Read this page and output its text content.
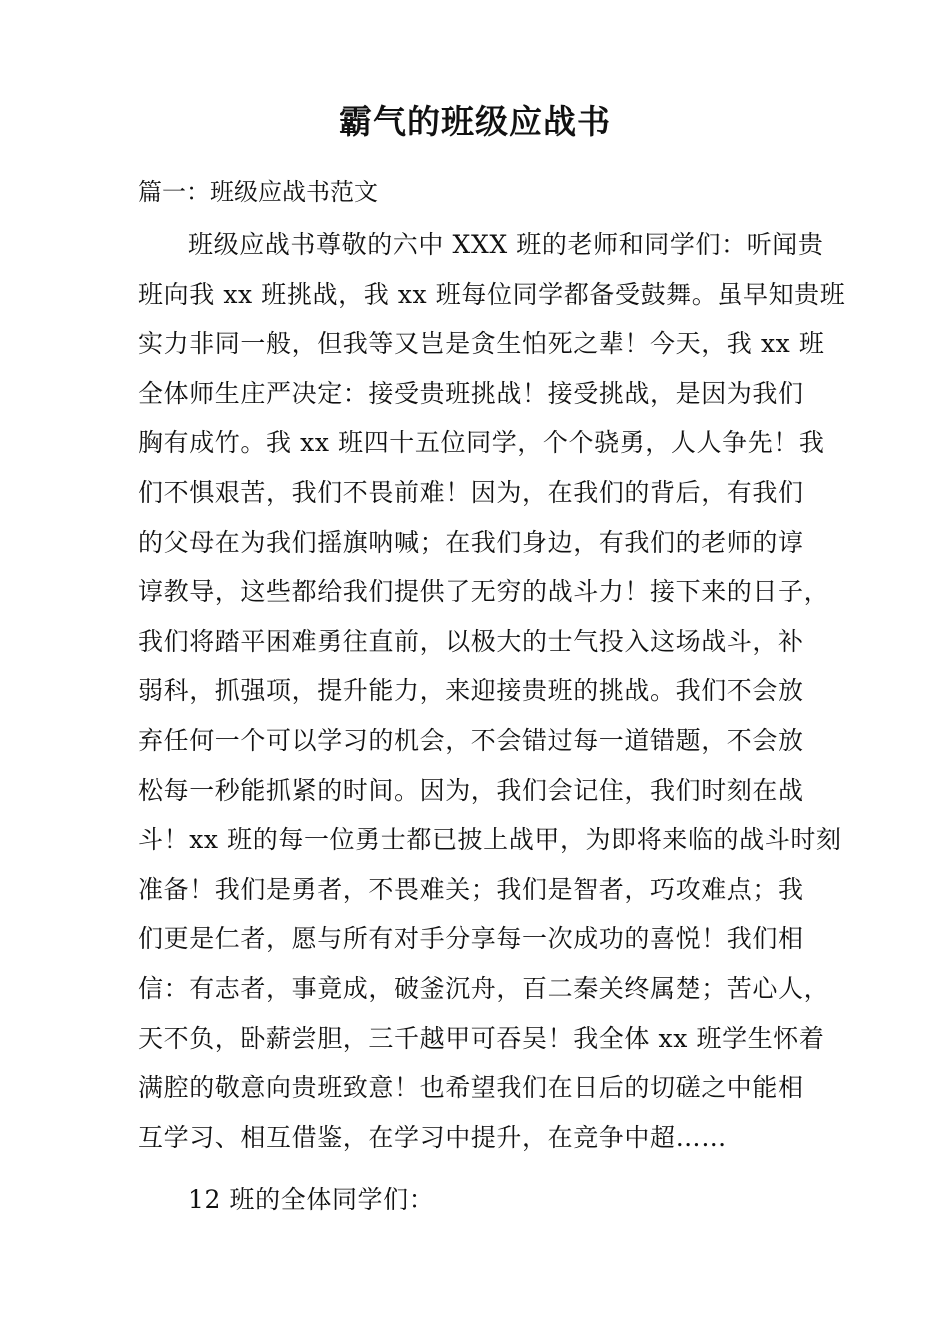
霸气的班级应战书
篇一：班级应战书范文
班级应战书尊敬的六中 XXX 班的老师和同学们：听闻贵
班向我 xx 班挑战，我 xx 班每位同学都备受鼓舞。虽早知贵班
实力非同一般，但我等又岂是贪生怕死之辈！今天，我 xx 班
全体师生庄严决定：接受贵班挑战！接受挑战，是因为我们
胸有成竹。我 xx 班四十五位同学，个个骁勇，人人争先！我
们不惧艰苦，我们不畏前难！因为，在我们的背后，有我们
的父母在为我们摇旗呐喊；在我们身边，有我们的老师的谆
谆教导，这些都给我们提供了无穷的战斗力！接下来的日子，
我们将踏平困难勇往直前，以极大的士气投入这场战斗，补
弱科，抓强项，提升能力，来迎接贵班的挑战。我们不会放
弃任何一个可以学习的机会，不会错过每一道错题，不会放
松每一秒能抓紧的时间。因为，我们会记住，我们时刻在战
斗！xx 班的每一位勇士都已披上战甲，为即将来临的战斗时刻
准备！我们是勇者，不畏难关；我们是智者，巧攻难点；我
们更是仁者，愿与所有对手分享每一次成功的喜悦！我们相
信：有志者，事竟成，破釜沉舟，百二秦关终属楚；苦心人，
天不负，卧薪尝胆，三千越甲可吞吴！我全体 xx 班学生怀着
满腔的敬意向贵班致意！也希望我们在日后的切磋之中能相
互学习、相互借鉴，在学习中提升，在竞争中超……
12 班的全体同学们：
